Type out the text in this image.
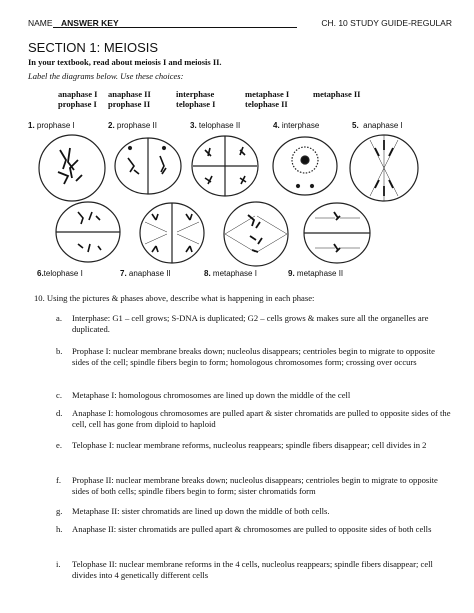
NAME ANSWER KEY	CH. 10 STUDY GUIDE-REGULAR
SECTION 1: MEIOSIS
In your textbook, read about meiosis I and meiosis II.
Label the diagrams below. Use these choices:
anaphase I
prophase I
anaphase II
prophase II
interphase
telophase I
metaphase I
telophase II
metaphase II
1. prophase I	2. prophase II	3. telophase II	4. interphase	5. anaphase I
6.telophase I	7. anaphase II	8. metaphase I	9. metaphase II
10. Using the pictures & phases above, describe what is happening in each phase:
a. Interphase: G1 – cell grows; S-DNA is duplicated; G2 – cells grows & makes sure all the organelles are duplicated.
b. Prophase I: nuclear membrane breaks down; nucleolus disappears; centrioles begin to migrate to opposite sides of the cell; spindle fibers begin to form; homologous chromosomes form; crossing over occurs
c. Metaphase I: homologous chromosomes are lined up down the middle of the cell
d. Anaphase I: homologous chromosomes are pulled apart & sister chromatids are pulled to opposite sides of the cell, cell has gone from diploid to haploid
e. Telophase I: nuclear membrane reforms, nucleolus reappears; spindle fibers disappear; cell divides in 2
f. Prophase II: nuclear membrane breaks down; nucleolus disappears; centrioles begin to migrate to opposite sides of both cells; spindle fibers begin to form; sister chromatids form
g. Metaphase II: sister chromatids are lined up down the middle of both cells.
h. Anaphase II: sister chromatids are pulled apart & chromosomes are pulled to opposite sides of both cells
i. Telophase II: nuclear membrane reforms in the 4 cells, nucleolus reappears; spindle fibers disappear; cell divides into 4 genetically different cells
